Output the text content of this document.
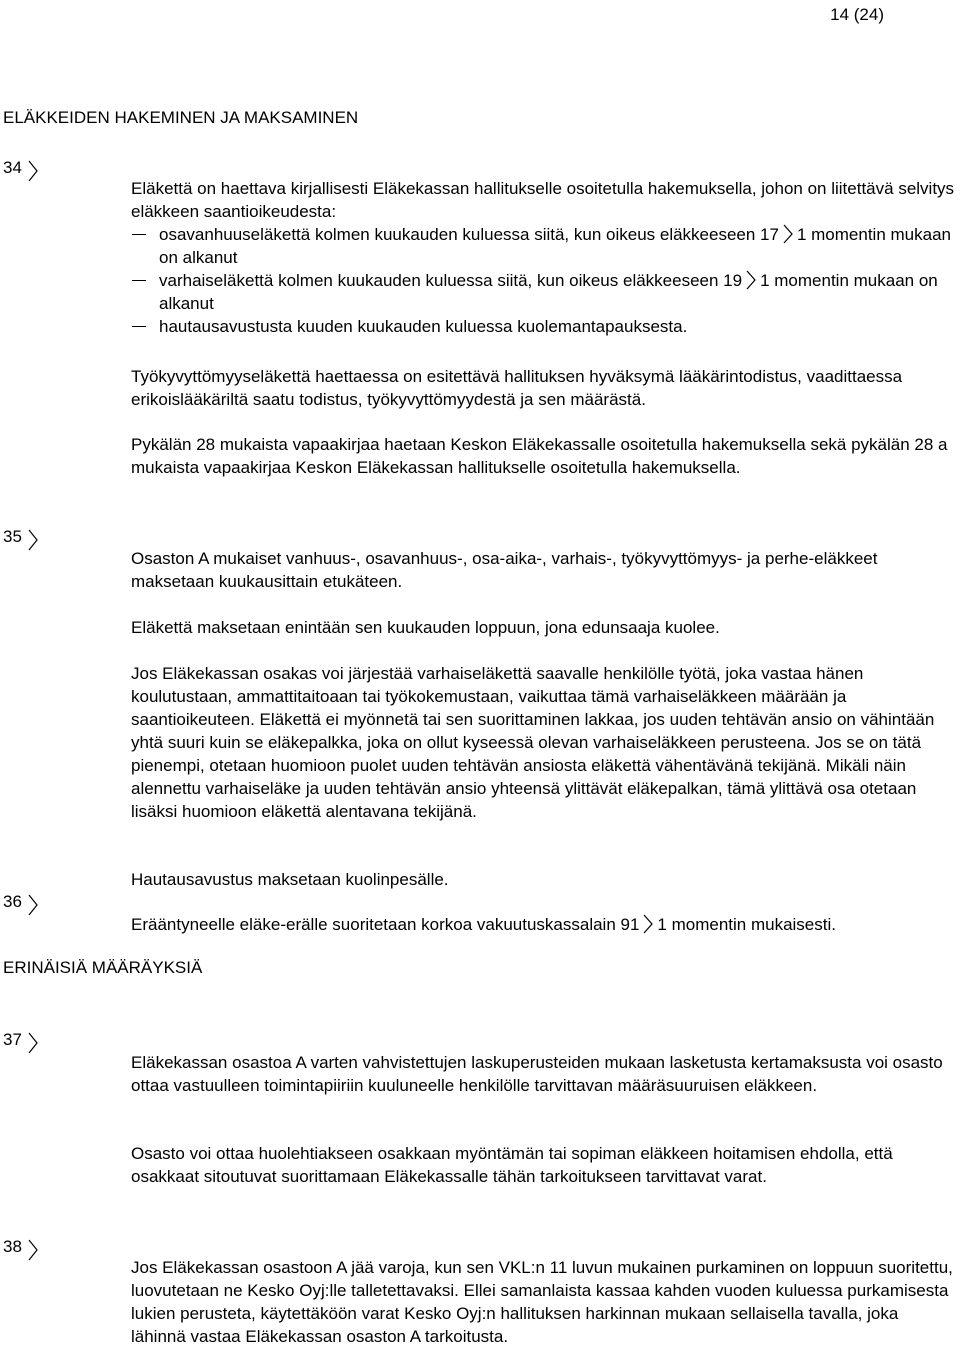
14 (24)
ELÄKKEIDEN HAKEMINEN JA MAKSAMINEN
34

Eläkettä on haettava kirjallisesti Eläkekassan hallitukselle osoitetulla hakemuksella, johon on liitettävä selvitys eläkkeen saantioikeudesta:

osavanhuuseläkettä kolmen kuukauden kuluessa siitä, kun oikeus eläkkeeseen 17 1 momentin mukaan on alkanut
varhaiseläkettä kolmen kuukauden kuluessa siitä, kun oikeus eläkkeeseen 19 1 momentin mukaan on alkanut
hautausavustusta kuuden kuukauden kuluessa kuolemantapauksesta.

Työkyvyttömyyseläkettä haettaessa on esitettävä hallituksen hyväksymä lääkärintodistus, vaadittaessa erikoislääkäriltä saatu todistus, työkyvyttömyydestä ja sen määrästä.

Pykälän 28 mukaista vapaakirjaa haetaan Keskon Eläkekassalle osoitetulla hakemuksella sekä pykälän 28 a mukaista vapaakirjaa Keskon Eläkekassan hallitukselle osoitetulla hakemuksella.

35

Osaston A mukaiset vanhuus-, osavanhuus-, osa-aika-, varhais-, työkyvyttömyys- ja perhe-eläkkeet maksetaan kuukausittain etukäteen.

Eläkettä maksetaan enintään sen kuukauden loppuun, jona edunsaaja kuolee.

Jos Eläkekassan osakas voi järjestää varhaiseläkettä saavalle henkilölle työtä, joka vastaa hänen koulutustaan, ammattitaitoaan tai työkokemustaan, vaikuttaa tämä varhaiseläkkeen määrään ja saantioikeuteen. Eläkettä ei myönnetä tai sen suorittaminen lakkaa, jos uuden tehtävän ansio on vähintään yhtä suuri kuin se eläkepalkka, joka on ollut kyseessä olevan varhaiseläkkeen perusteena. Jos se on tätä pienempi, otetaan huomioon puolet uuden tehtävän ansiosta eläkettä vähentävänä tekijänä. Mikäli näin alennettu varhaiseläke ja uuden tehtävän ansio yhteensä ylittävät eläkepalkan, tämä ylittävä osa otetaan lisäksi huomioon eläkettä alentavana tekijänä.

Hautausavustus maksetaan kuolinpesälle.

36

Erääntyneelle eläke-erälle suoritetaan korkoa vakuutuskassalain 91 1 momentin mukaisesti.

ERINÄISIÄ MÄÄRÄYKSIÄ
37

Eläkekassan osastoa A varten vahvistettujen laskuperusteiden mukaan lasketusta kertamaksusta voi osasto ottaa vastuulleen toimintapiiriin kuuluneelle henkilölle tarvittavan määräsuuruisen eläkkeen.

Osasto voi ottaa huolehtiakseen osakkaan myöntämän tai sopiman eläkkeen hoitamisen ehdolla, että osakkaat sitoutuvat suorittamaan Eläkekassalle tähän tarkoitukseen tarvittavat varat.

38

Jos Eläkekassan osastoon A jää varoja, kun sen VKL:n 11 luvun mukainen purkaminen on loppuun suoritettu, luovutetaan ne Kesko Oyj:lle talletettavaksi. Ellei samanlaista kassaa kahden vuoden kuluessa purkamisesta lukien perusteta, käytettäköön varat Kesko Oyj:n hallituksen harkinnan mukaan sellaisella tavalla, joka lähinnä vastaa Eläkekassan osaston A tarkoitusta.
